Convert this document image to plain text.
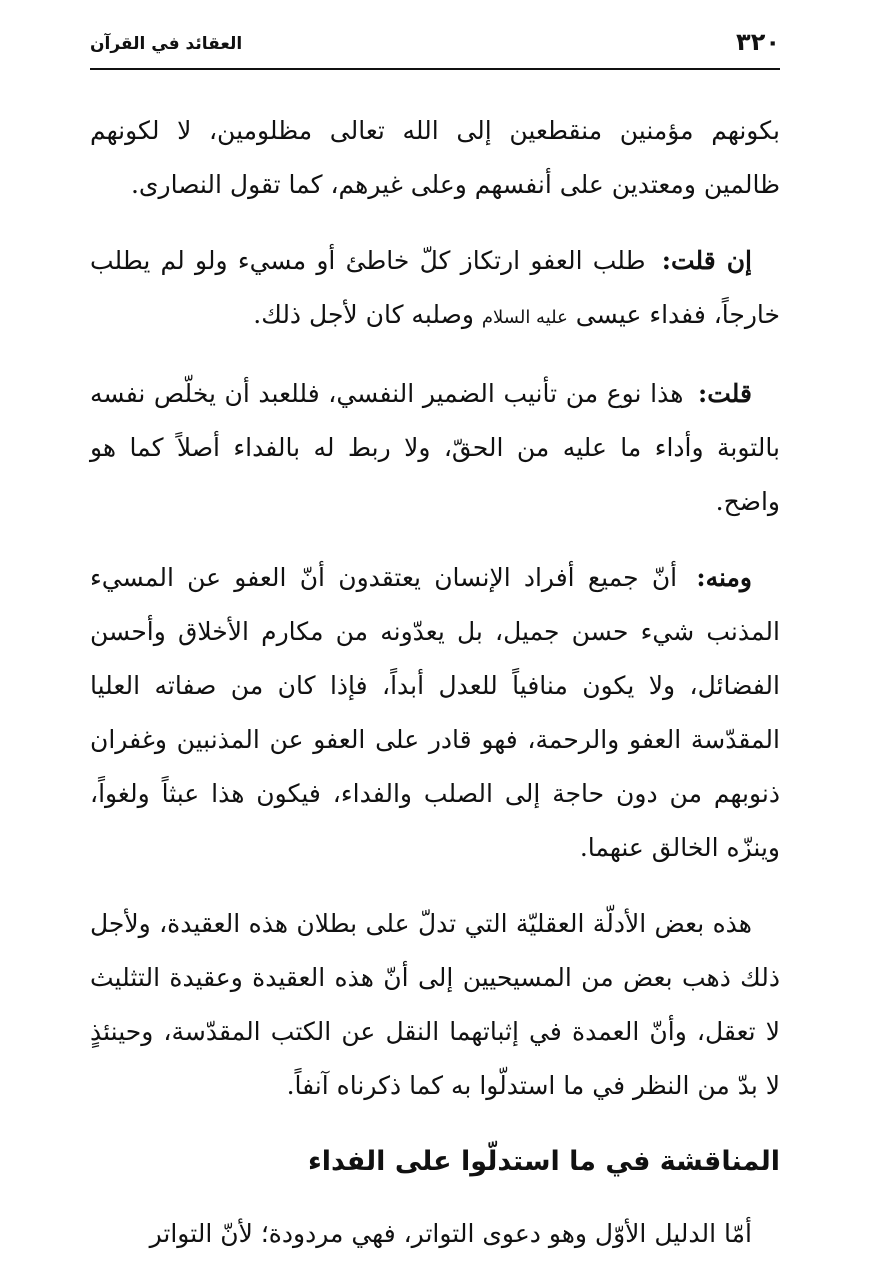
٣٢٠
العقائد في القرآن

بكونهم مؤمنين منقطعين إلى الله تعالى مظلومين، لا لكونهم ظالمين ومعتدين على أنفسهم وعلى غيرهم، كما تقول النصارى.

إن قلت: طلب العفو ارتكاز كلّ خاطئ أو مسيء ولو لم يطلب خارجاً، ففداء عيسى عليه السلام وصلبه كان لأجل ذلك.

قلت: هذا نوع من تأنيب الضمير النفسي، فللعبد أن يخلّص نفسه بالتوبة وأداء ما عليه من الحقّ، ولا ربط له بالفداء أصلاً كما هو واضح.

ومنه: أنّ جميع أفراد الإنسان يعتقدون أنّ العفو عن المسيء المذنب شيء حسن جميل، بل يعدّونه من مكارم الأخلاق وأحسن الفضائل، ولا يكون منافياً للعدل أبداً، فإذا كان من صفاته العليا المقدّسة العفو والرحمة، فهو قادر على العفو عن المذنبين وغفران ذنوبهم من دون حاجة إلى الصلب والفداء، فيكون هذا عبثاً ولغواً، وينزّه الخالق عنهما.

هذه بعض الأدلّة العقليّة التي تدلّ على بطلان هذه العقيدة، ولأجل ذلك ذهب بعض من المسيحيين إلى أنّ هذه العقيدة وعقيدة التثليث لا تعقل، وأنّ العمدة في إثباتهما النقل عن الكتب المقدّسة، وحينئذٍ لا بدّ من النظر في ما استدلّوا به كما ذكرناه آنفاً.

المناقشة في ما استدلّوا على الفداء

أمّا الدليل الأوّل وهو دعوى التواتر، فهي مردودة؛ لأنّ التواتر
